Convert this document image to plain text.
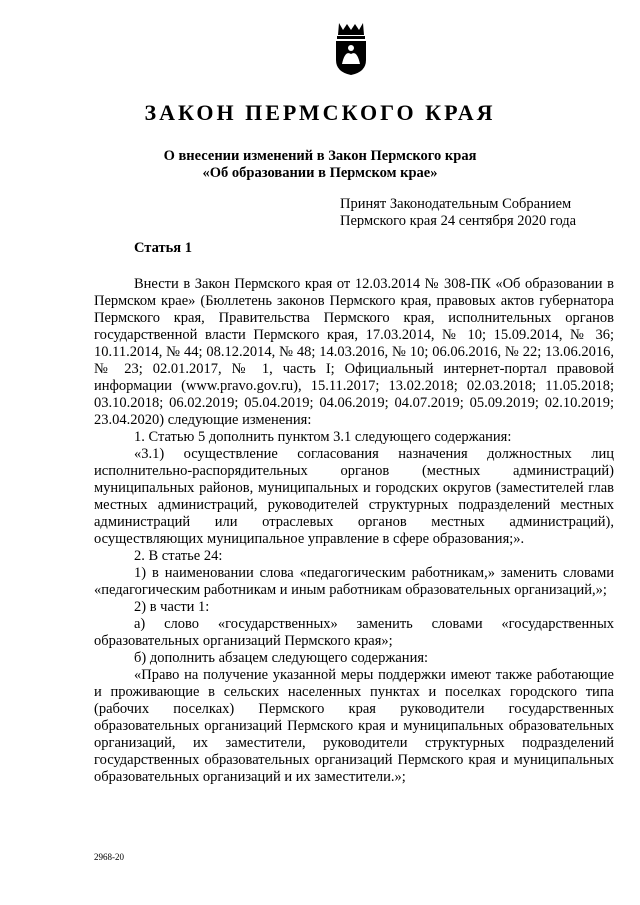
ЗАКОН ПЕРМСКОГО КРАЯ
О внесении изменений в Закон Пермского края
«Об образовании в Пермском крае»
Принят Законодательным Собранием
Пермского края 24 сентября 2020 года
Статья 1

Внести в Закон Пермского края от 12.03.2014 № 308-ПК «Об образовании в Пермском крае» (Бюллетень законов Пермского края, правовых актов губернатора Пермского края, Правительства Пермского края, исполнительных органов государственной власти Пермского края, 17.03.2014, № 10; 15.09.2014, № 36; 10.11.2014, № 44; 08.12.2014, № 48; 14.03.2016, № 10; 06.06.2016, № 22; 13.06.2016, № 23; 02.01.2017, № 1, часть I; Официальный интернет-портал правовой информации (www.pravo.gov.ru), 15.11.2017; 13.02.2018; 02.03.2018; 11.05.2018; 03.10.2018; 06.02.2019; 05.04.2019; 04.06.2019; 04.07.2019; 05.09.2019; 02.10.2019; 23.04.2020) следующие изменения:

1. Статью 5 дополнить пунктом 3.1 следующего содержания:

«3.1) осуществление согласования назначения должностных лиц исполнительно-распорядительных органов (местных администраций) муниципальных районов, муниципальных и городских округов (заместителей глав местных администраций, руководителей структурных подразделений местных администраций или отраслевых органов местных администраций), осуществляющих муниципальное управление в сфере образования;».

2. В статье 24:

1) в наименовании слова «педагогическим работникам,» заменить словами «педагогическим работникам и иным работникам образовательных организаций,»;

2) в части 1:

а) слово «государственных» заменить словами «государственных образовательных организаций Пермского края»;

б) дополнить абзацем следующего содержания:

«Право на получение указанной меры поддержки имеют также работающие и проживающие в сельских населенных пунктах и поселках городского типа (рабочих поселках) Пермского края руководители государственных образовательных организаций Пермского края и муниципальных образовательных организаций, их заместители, руководители структурных подразделений государственных образовательных организаций Пермского края и муниципальных образовательных организаций и их заместители.»;

2968-20
